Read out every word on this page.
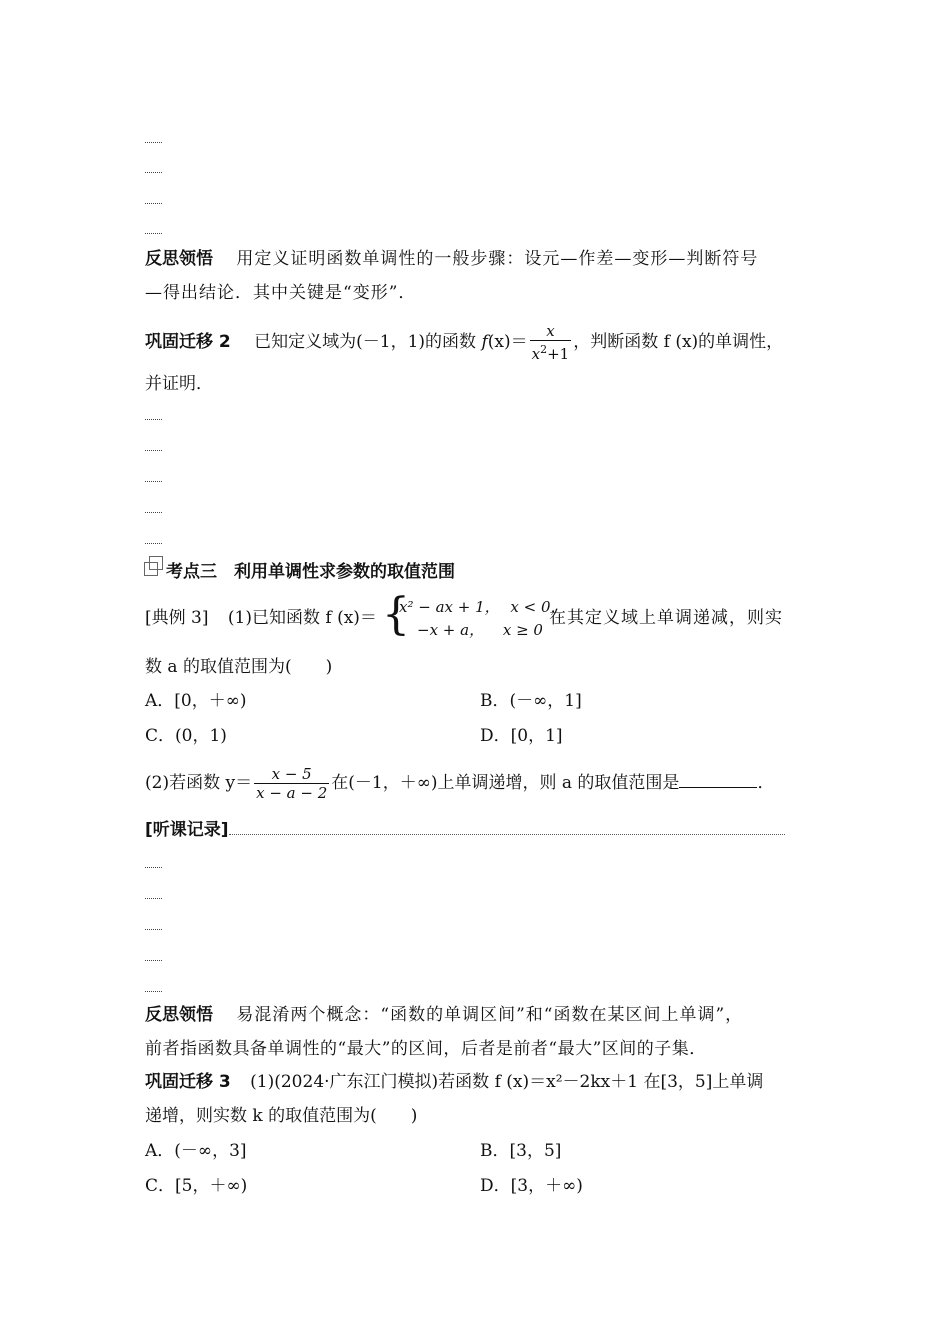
反思领悟 用定义证明函数单调性的一般步骤：设元—作差—变形—判断符号
—得出结论．其中关键是“变形”．
巩固迁移 2 已知定义域为(－1，1)的函数 $f(x)= \frac{x}{x^2+1}$ ，判断函数 f (x)的单调性，
并证明．
考点三　利用单调性求参数的取值范围
[典例 3] (1)已知函数 f (x)＝ {
x² − ax + 1， x < 0，
−x + a， x ≥ 0
在其定义域上单调递减，则实
数 a 的取值范围为(　　)
A．[0，＋∞)	B．(－∞，1]
C．(0，1)	D．[0，1]
(2)若函数 $y= \frac{x - 5}{x - a - 2}$ 在(－1，＋∞)上单调递增，则 a 的取值范围是	．
[听课记录]
反思领悟 易混淆两个概念：“函数的单调区间”和“函数在某区间上单调”，
前者指函数具备单调性的“最大”的区间，后者是前者“最大”区间的子集．
巩固迁移 3 (1)(2024·广东江门模拟)若函数 f (x)＝x²－2kx＋1 在[3，5]上单调
递增，则实数 k 的取值范围为(　　)
A．(－∞，3]	B．[3，5]
C．[5，＋∞)	D．[3，＋∞)
